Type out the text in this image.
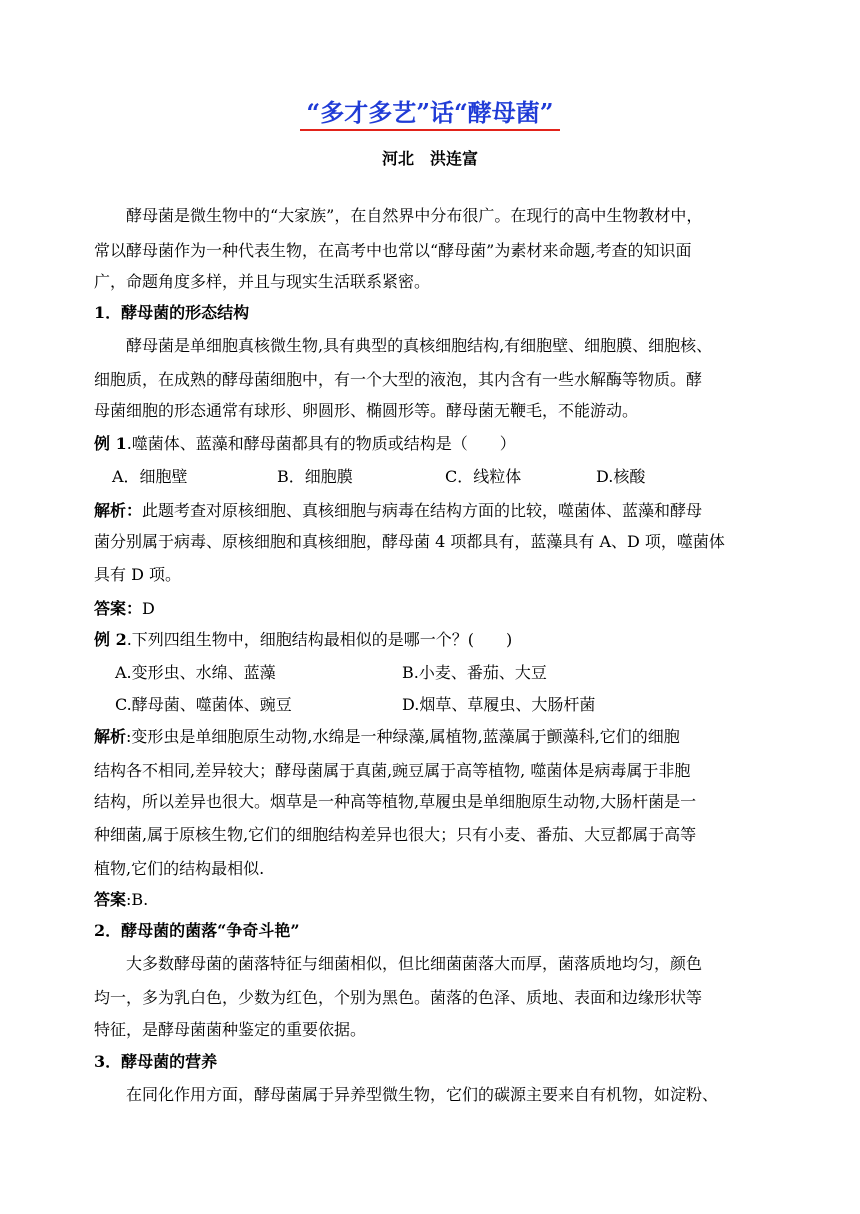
“多才多艺”话“酵母菌”
河北　洪连富
　　酵母菌是微生物中的“大家族”，在自然界中分布很广。在现行的高中生物教材中，
常以酵母菌作为一种代表生物，在高考中也常以“酵母菌”为素材来命题,考查的知识面
广，命题角度多样，并且与现实生活联系紧密。
1．酵母菌的形态结构
　　酵母菌是单细胞真核微生物,具有典型的真核细胞结构,有细胞壁、细胞膜、细胞核、
细胞质，在成熟的酵母菌细胞中，有一个大型的液泡，其内含有一些水解酶等物质。酵
母菌细胞的形态通常有球形、卵圆形、椭圆形等。酵母菌无鞭毛，不能游动。
例 1.噬菌体、蓝藻和酵母菌都具有的物质或结构是（　　）
A．细胞壁	B．细胞膜	C．线粒体	D.核酸
解析：此题考查对原核细胞、真核细胞与病毒在结构方面的比较，噬菌体、蓝藻和酵母
菌分别属于病毒、原核细胞和真核细胞，酵母菌 4 项都具有，蓝藻具有 A、D 项，噬菌体
具有 D 项。
答案：D
例 2.下列四组生物中，细胞结构最相似的是哪一个？(　　)
A.变形虫、水绵、蓝藻	B.小麦、番茄、大豆
C.酵母菌、噬菌体、豌豆	D.烟草、草履虫、大肠杆菌
解析:变形虫是单细胞原生动物,水绵是一种绿藻,属植物,蓝藻属于颤藻科,它们的细胞
结构各不相同,差异较大；酵母菌属于真菌,豌豆属于高等植物, 噬菌体是病毒属于非胞
结构，所以差异也很大。烟草是一种高等植物,草履虫是单细胞原生动物,大肠杆菌是一
种细菌,属于原核生物,它们的细胞结构差异也很大；只有小麦、番茄、大豆都属于高等
植物,它们的结构最相似.
答案:B.
2．酵母菌的菌落“争奇斗艳”
　　大多数酵母菌的菌落特征与细菌相似，但比细菌菌落大而厚，菌落质地均匀，颜色
均一，多为乳白色，少数为红色，个别为黑色。菌落的色泽、质地、表面和边缘形状等
特征，是酵母菌菌种鉴定的重要依据。
3．酵母菌的营养
　　在同化作用方面，酵母菌属于异养型微生物，它们的碳源主要来自有机物，如淀粉、
